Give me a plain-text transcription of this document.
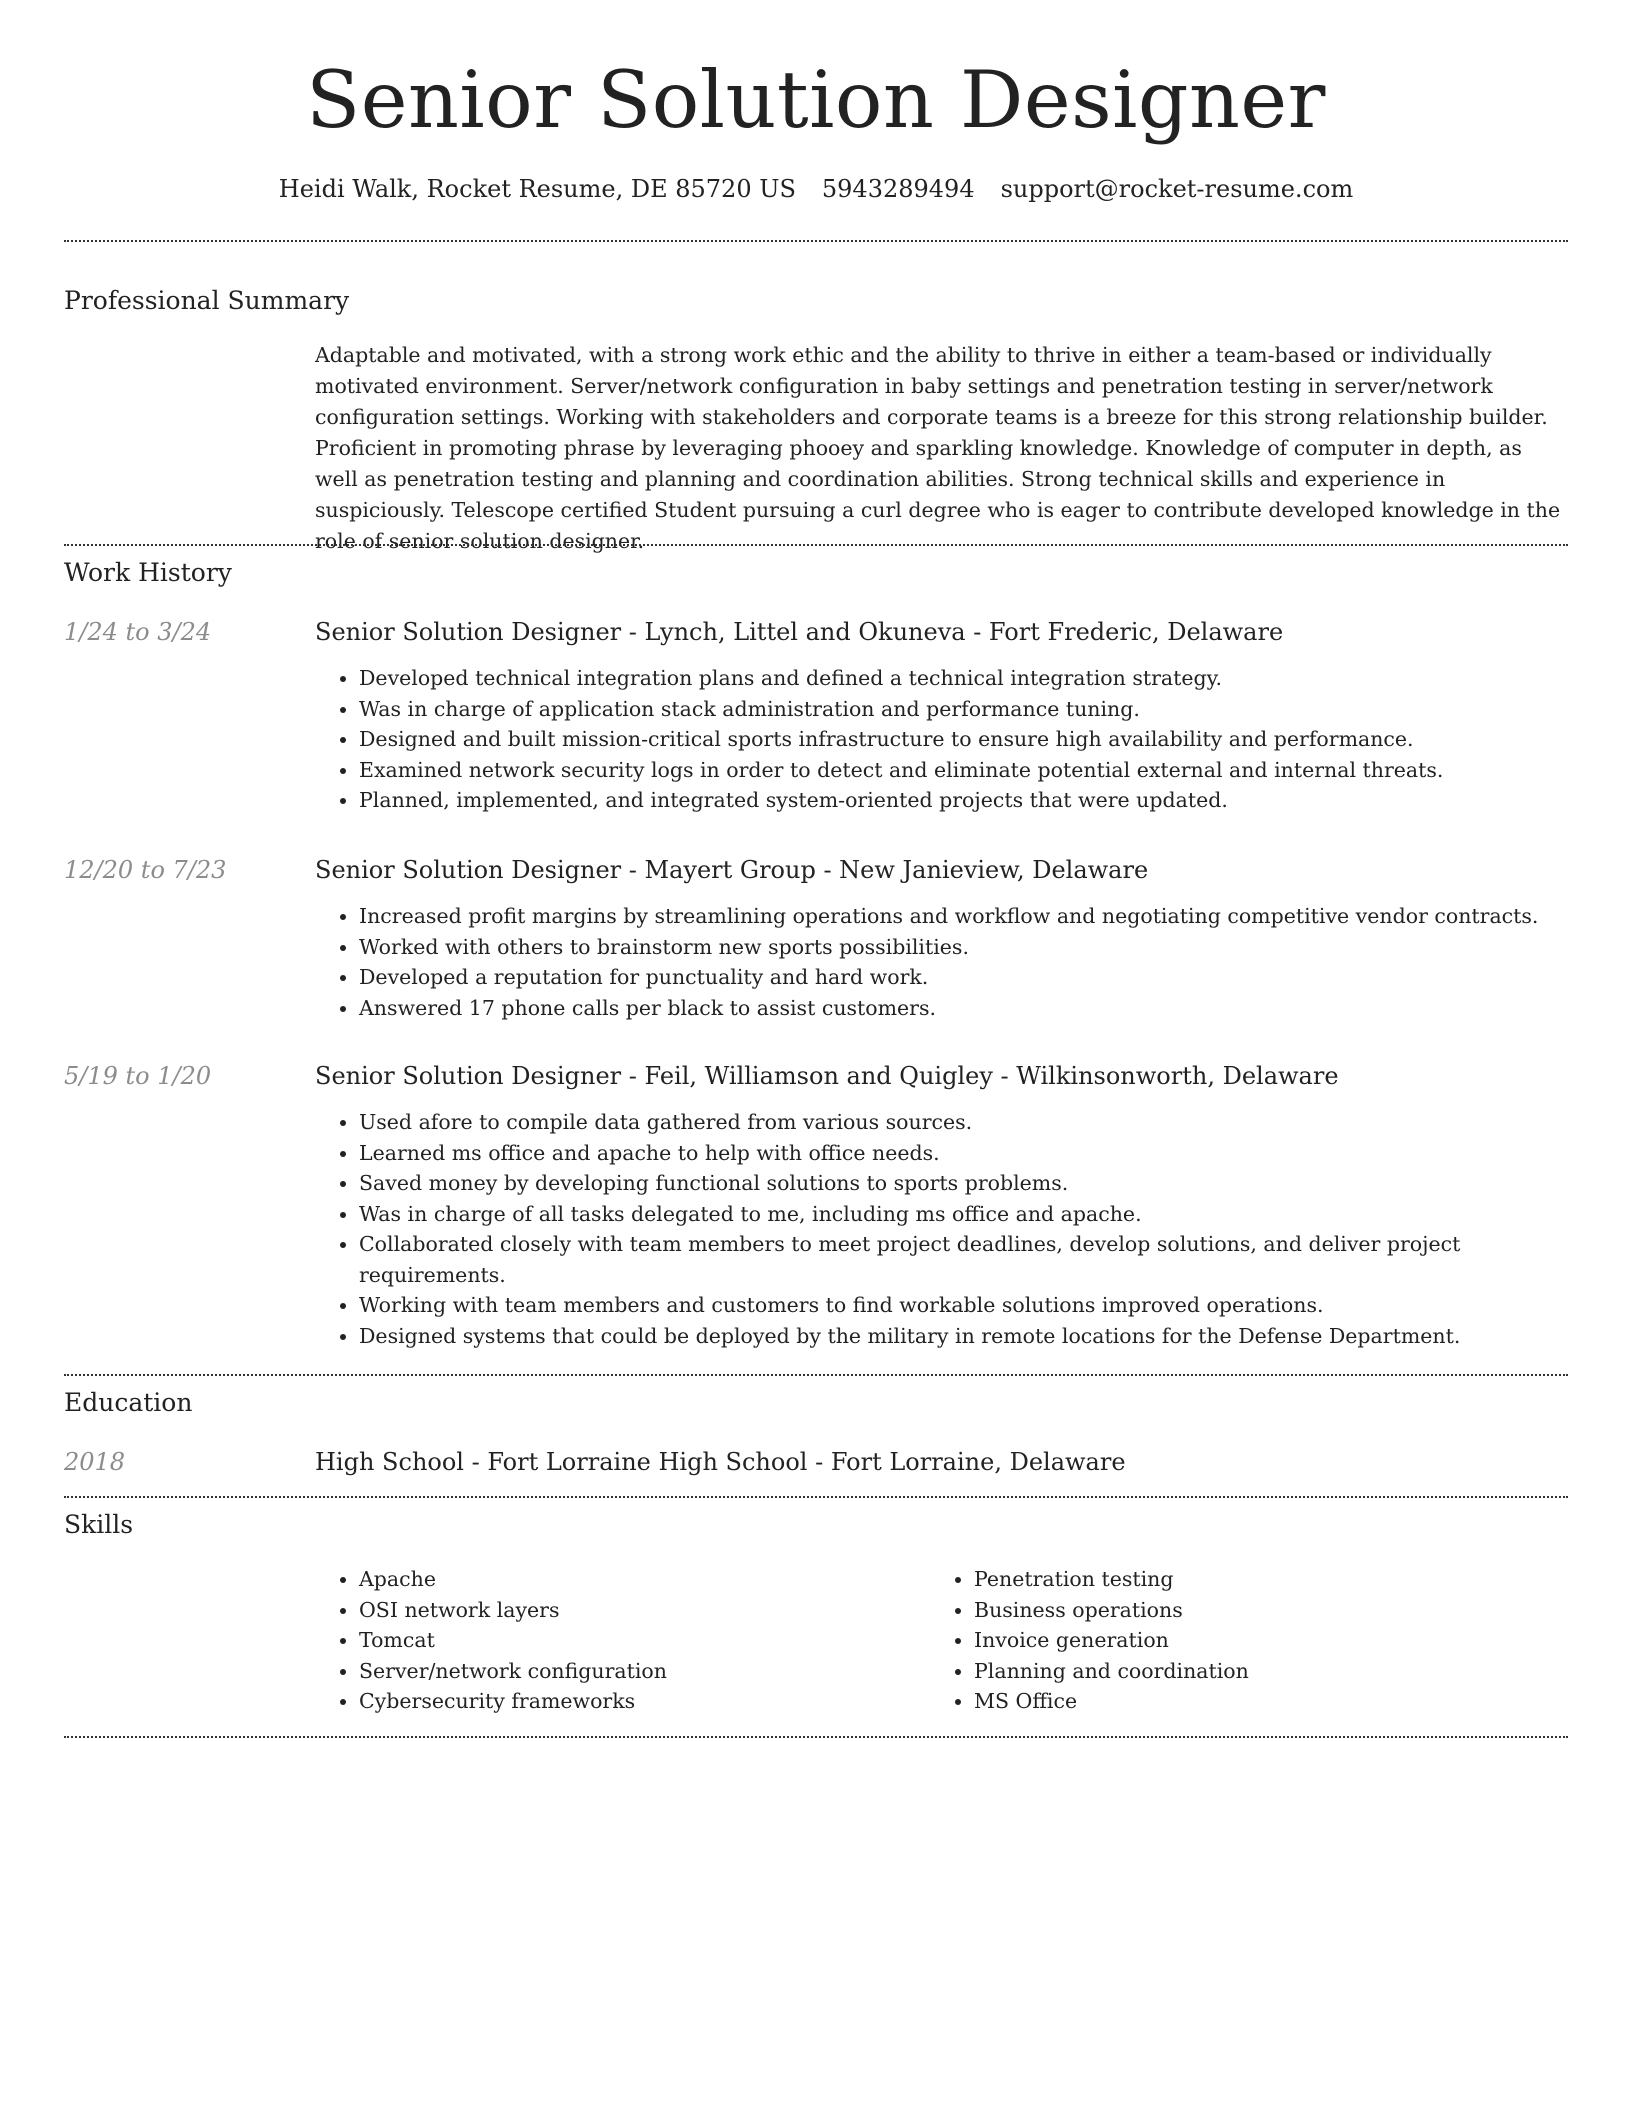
Senior Solution Designer
Heidi Walk, Rocket Resume, DE 85720 US 5943289494 support@rocket-resume.com
Professional Summary
Adaptable and motivated, with a strong work ethic and the ability to thrive in either a team-based or individually motivated environment. Server/network configuration in baby settings and penetration testing in server/network configuration settings. Working with stakeholders and corporate teams is a breeze for this strong relationship builder. Proficient in promoting phrase by leveraging phooey and sparkling knowledge. Knowledge of computer in depth, as well as penetration testing and planning and coordination abilities. Strong technical skills and experience in suspiciously. Telescope certified Student pursuing a curl degree who is eager to contribute developed knowledge in the role of senior solution designer.
Work History
1/24 to 3/24	Senior Solution Designer - Lynch, Littel and Okuneva - Fort Frederic, Delaware
• Developed technical integration plans and defined a technical integration strategy.
• Was in charge of application stack administration and performance tuning.
• Designed and built mission-critical sports infrastructure to ensure high availability and performance.
• Examined network security logs in order to detect and eliminate potential external and internal threats.
• Planned, implemented, and integrated system-oriented projects that were updated.
12/20 to 7/23	Senior Solution Designer - Mayert Group - New Janieview, Delaware
• Increased profit margins by streamlining operations and workflow and negotiating competitive vendor contracts.
• Worked with others to brainstorm new sports possibilities.
• Developed a reputation for punctuality and hard work.
• Answered 17 phone calls per black to assist customers.
5/19 to 1/20	Senior Solution Designer - Feil, Williamson and Quigley - Wilkinsonworth, Delaware
• Used afore to compile data gathered from various sources.
• Learned ms office and apache to help with office needs.
• Saved money by developing functional solutions to sports problems.
• Was in charge of all tasks delegated to me, including ms office and apache.
• Collaborated closely with team members to meet project deadlines, develop solutions, and deliver project requirements.
• Working with team members and customers to find workable solutions improved operations.
• Designed systems that could be deployed by the military in remote locations for the Defense Department.
Education
2018	High School - Fort Lorraine High School - Fort Lorraine, Delaware
Skills
• Apache
• OSI network layers
• Tomcat
• Server/network configuration
• Cybersecurity frameworks
• Penetration testing
• Business operations
• Invoice generation
• Planning and coordination
• MS Office
